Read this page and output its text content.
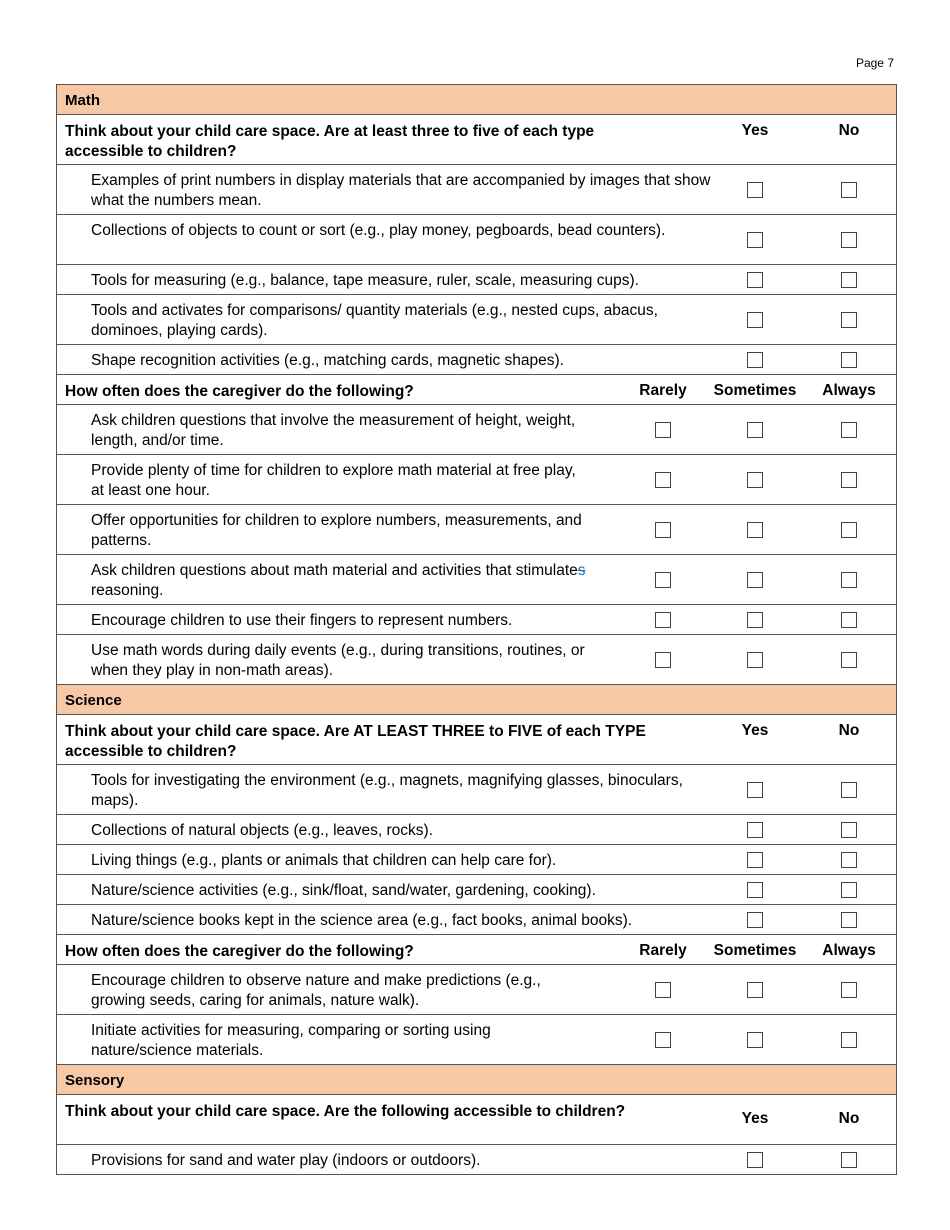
Page 7
Math
Think about your child care space. Are at least three to five of each type accessible to children?
Yes	No
Examples of print numbers in display materials that are accompanied by images that show what the numbers mean.
Collections of objects to count or sort (e.g., play money, pegboards, bead counters).
Tools for measuring (e.g., balance, tape measure, ruler, scale, measuring cups).
Tools and activates for comparisons/ quantity materials (e.g., nested cups, abacus, dominoes, playing cards).
Shape recognition activities (e.g., matching cards, magnetic shapes).
How often does the caregiver do the following?	Rarely	Sometimes	Always
Ask children questions that involve the measurement of height, weight, length, and/or time.
Provide plenty of time for children to explore math material at free play, at least one hour.
Offer opportunities for children to explore numbers, measurements, and patterns.
Ask children questions about math material and activities that stimulates reasoning.
Encourage children to use their fingers to represent numbers.
Use math words during daily events (e.g., during transitions, routines, or when they play in non-math areas).
Science
Think about your child care space. Are AT LEAST THREE to FIVE of each TYPE accessible to children?
Yes	No
Tools for investigating the environment (e.g., magnets, magnifying glasses, binoculars, maps).
Collections of natural objects (e.g., leaves, rocks).
Living things (e.g., plants or animals that children can help care for).
Nature/science activities (e.g., sink/float, sand/water, gardening, cooking).
Nature/science books kept in the science area (e.g., fact books, animal books).
How often does the caregiver do the following?	Rarely	Sometimes	Always
Encourage children to observe nature and make predictions (e.g., growing seeds, caring for animals, nature walk).
Initiate activities for measuring, comparing or sorting using nature/science materials.
Sensory
Think about your child care space. Are the following accessible to children?	Yes	No
Provisions for sand and water play (indoors or outdoors).
